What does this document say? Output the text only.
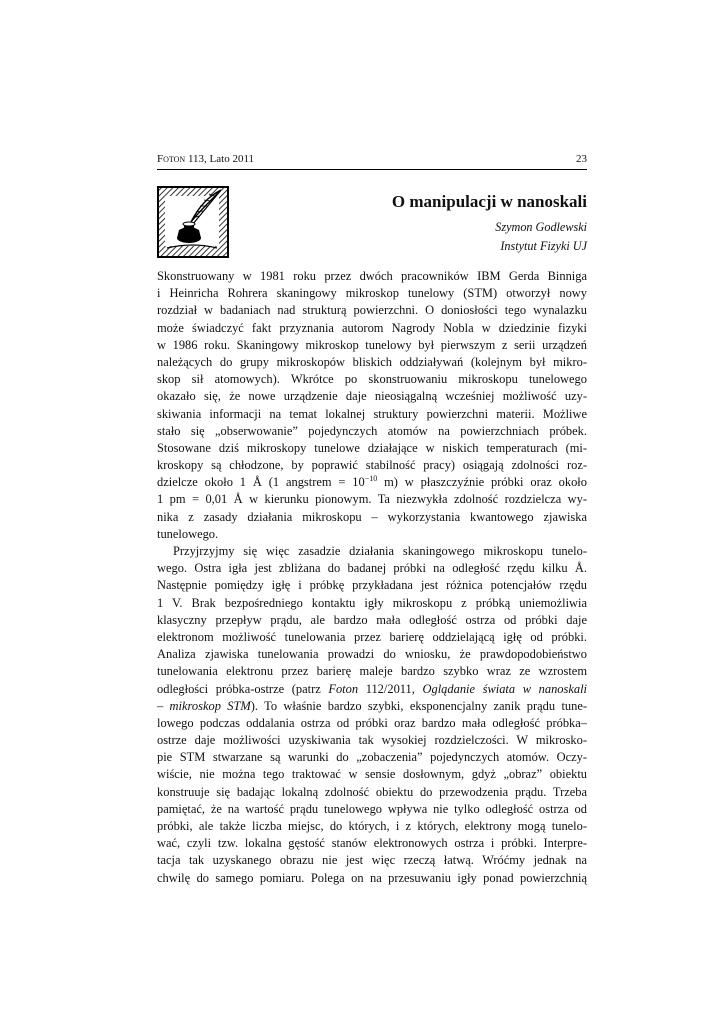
Foton 113, Lato 2011	23
O manipulacji w nanoskali
Szymon Godlewski
Instytut Fizyki UJ
Skonstruowany w 1981 roku przez dwóch pracowników IBM Gerda Binniga
i Heinricha Rohrera skaningowy mikroskop tunelowy (STM) otworzył nowy
rozdział w badaniach nad strukturą powierzchni. O doniosłości tego wynalazku
może świadczyć fakt przyznania autorom Nagrody Nobla w dziedzinie fizyki
w 1986 roku. Skaningowy mikroskop tunelowy był pierwszym z serii urządzeń
należących do grupy mikroskopów bliskich oddziaływań (kolejnym był mikro-
skop sił atomowych). Wkrótce po skonstruowaniu mikroskopu tunelowego
okazało się, że nowe urządzenie daje nieosiągalną wcześniej możliwość uzy-
skiwania informacji na temat lokalnej struktury powierzchni materii. Możliwe
stało się „obserwowanie” pojedynczych atomów na powierzchniach próbek.
Stosowane dziś mikroskopy tunelowe działające w niskich temperaturach (mi-
kroskopy są chłodzone, by poprawić stabilność pracy) osiągają zdolności roz-
dzielcze około 1 Å (1 angstrem = $10^{-10}$ m) w płaszczyźnie próbki oraz około
1 pm = 0,01 Å w kierunku pionowym. Ta niezwykła zdolność rozdzielcza wy-
nika z zasady działania mikroskopu – wykorzystania kwantowego zjawiska
tunelowego.
Przyjrzyjmy się więc zasadzie działania skaningowego mikroskopu tunelo-
wego. Ostra igła jest zbliżana do badanej próbki na odległość rzędu kilku Å.
Następnie pomiędzy igłę i próbkę przykładana jest różnica potencjałów rzędu
1 V. Brak bezpośredniego kontaktu igły mikroskopu z próbką uniemożliwia
klasyczny przepływ prądu, ale bardzo mała odległość ostrza od próbki daje
elektronom możliwość tunelowania przez barierę oddzielającą igłę od próbki.
Analiza zjawiska tunelowania prowadzi do wniosku, że prawdopodobieństwo
tunelowania elektronu przez barierę maleje bardzo szybko wraz ze wzrostem
odległości próbka-ostrze (patrz Foton 112/2011, Oglądanie świata w nanoskali
– mikroskop STM). To właśnie bardzo szybki, eksponencjalny zanik prądu tune-
lowego podczas oddalania ostrza od próbki oraz bardzo mała odległość próbka–
ostrze daje możliwości uzyskiwania tak wysokiej rozdzielczości. W mikrosko-
pie STM stwarzane są warunki do „zobaczenia” pojedynczych atomów. Oczy-
wiście, nie można tego traktować w sensie dosłownym, gdyż „obraz” obiektu
konstruuje się badając lokalną zdolność obiektu do przewodzenia prądu. Trzeba
pamiętać, że na wartość prądu tunelowego wpływa nie tylko odległość ostrza od
próbki, ale także liczba miejsc, do których, i z których, elektrony mogą tunelo-
wać, czyli tzw. lokalna gęstość stanów elektronowych ostrza i próbki. Interpre-
tacja tak uzyskanego obrazu nie jest więc rzeczą łatwą. Wróćmy jednak na
chwilę do samego pomiaru. Polega on na przesuwaniu igły ponad powierzchnią
